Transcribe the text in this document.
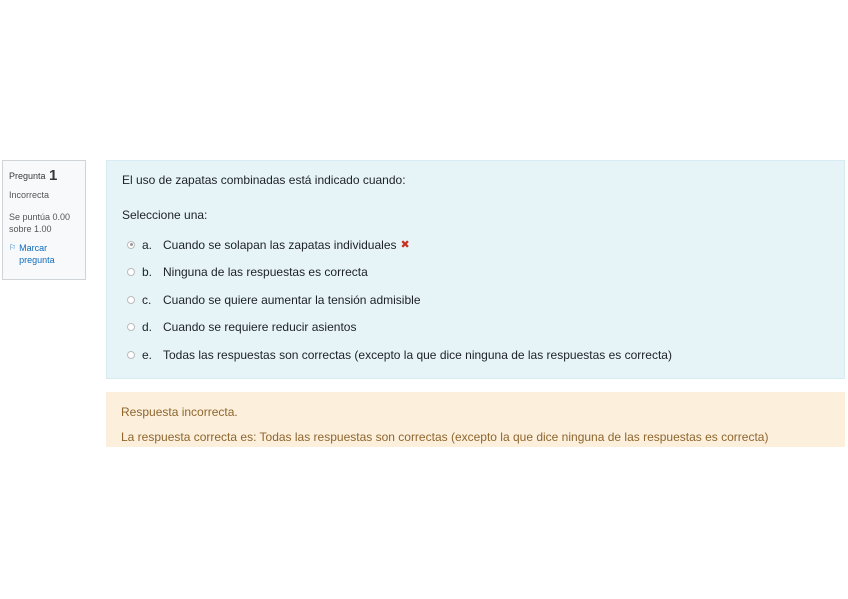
Pregunta 1
Incorrecta
Se puntúa 0.00 sobre 1.00
⚐ Marcar pregunta
El uso de zapatas combinadas está indicado cuando:
Seleccione una:
a. Cuando se solapan las zapatas individuales ✖
b. Ninguna de las respuestas es correcta
c. Cuando se quiere aumentar la tensión admisible
d. Cuando se requiere reducir asientos
e. Todas las respuestas son correctas (excepto la que dice ninguna de las respuestas es correcta)
Respuesta incorrecta.
La respuesta correcta es: Todas las respuestas son correctas (excepto la que dice ninguna de las respuestas es correcta)
